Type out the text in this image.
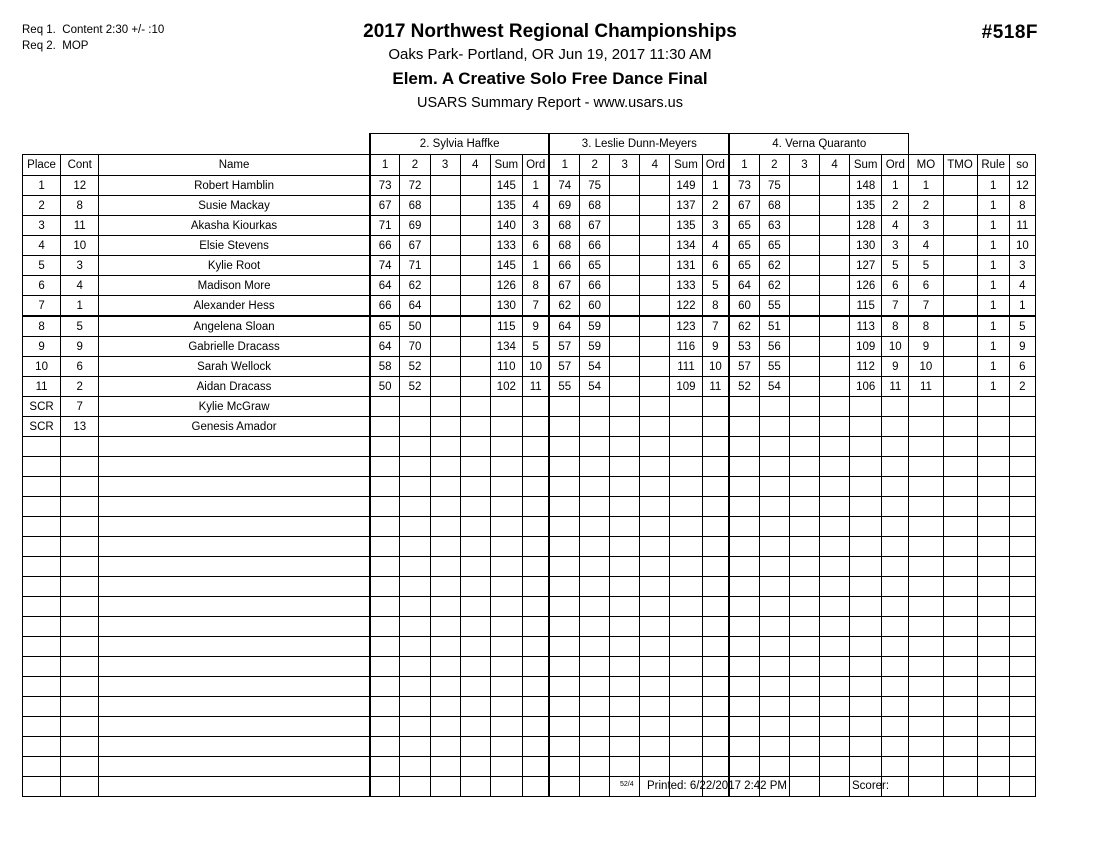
Req 1.  Content 2:30 +/- :10
Req 2.  MOP
#518F
2017 Northwest Regional Championships
Oaks Park- Portland, OR Jun 19, 2017 11:30 AM
Elem. A Creative Solo Free Dance Final
USARS Summary Report - www.usars.us
			2. Sylvia Haffke						3. Leslie Dunn-Meyers						4. Verna Quaranto									
Place	Cont	Name	1	2	3	4	Sum	Ord	1	2	3	4	Sum	Ord	1	2	3	4	Sum	Ord	MO	TMO	Rule	so
1	12	Robert Hamblin	73	72			145	1	74	75			149	1	73	75			148	1	1		1	12
2	8	Susie Mackay	67	68			135	4	69	68			137	2	67	68			135	2	2		1	8
3	11	Akasha Kiourkas	71	69			140	3	68	67			135	3	65	63			128	4	3		1	11
4	10	Elsie Stevens	66	67			133	6	68	66			134	4	65	65			130	3	4		1	10
5	3	Kylie Root	74	71			145	1	66	65			131	6	65	62			127	5	5		1	3
6	4	Madison More	64	62			126	8	67	66			133	5	64	62			126	6	6		1	4
7	1	Alexander Hess	66	64			130	7	62	60			122	8	60	55			115	7	7		1	1
8	5	Angelena Sloan	65	50			115	9	64	59			123	7	62	51			113	8	8		1	5
9	9	Gabrielle Dracass	64	70			134	5	57	59			116	9	53	56			109	10	9		1	9
10	6	Sarah Wellock	58	52			110	10	57	54			111	10	57	55			112	9	10		1	6
11	2	Aidan Dracass	50	52			102	11	55	54			109	11	52	54			106	11	11		1	2
SCR	7	Kylie McGraw																						
SCR	13	Genesis Amador																						

52/4 Printed: 6/22/2017 2:42 PM	Scorer:
